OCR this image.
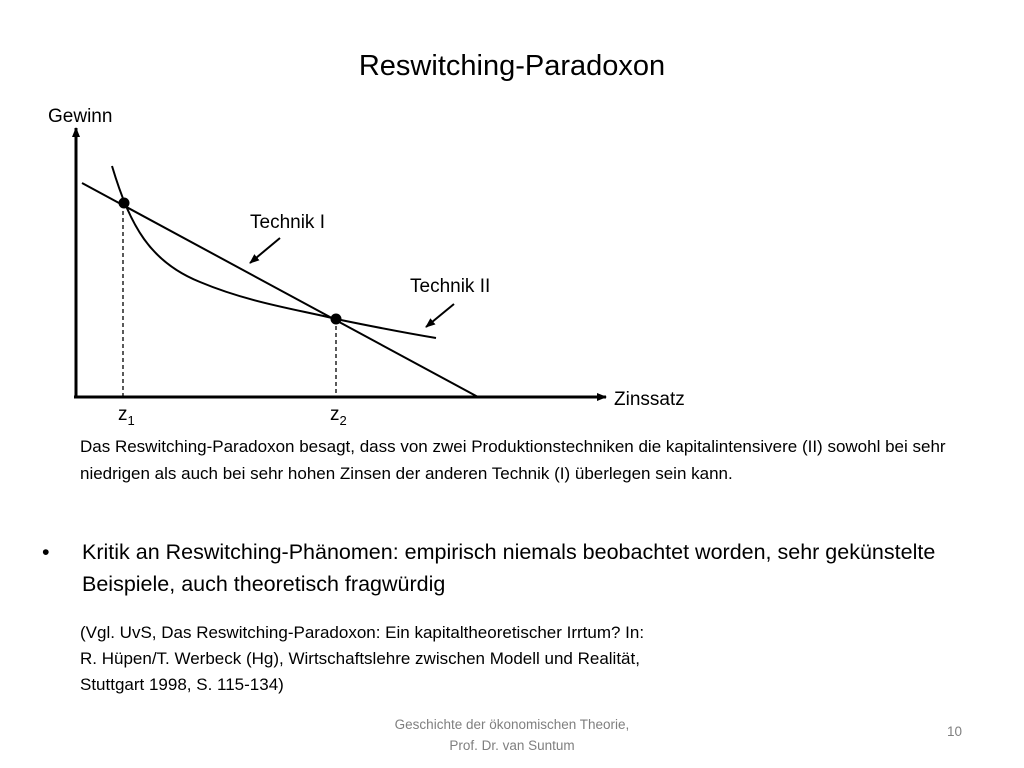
Reswitching-Paradoxon
Gewinn
Zinssatz
Technik I
Technik II
$z_1$	$z_2$
Das Reswitching-Paradoxon besagt, dass von zwei Produktionstechniken die kapitalintensivere (II) sowohl bei sehr niedrigen als auch bei sehr hohen Zinsen der anderen Technik (I) überlegen sein kann.
• Kritik an Reswitching-Phänomen: empirisch niemals beobachtet worden, sehr gekünstelte Beispiele, auch theoretisch fragwürdig
(Vgl. UvS, Das Reswitching-Paradoxon: Ein kapitaltheoretischer Irrtum? In:
R. Hüpen/T. Werbeck (Hg), Wirtschaftslehre zwischen Modell und Realität,
Stuttgart 1998, S. 115-134)
Geschichte der ökonomischen Theorie,
Prof. Dr. van Suntum
10
